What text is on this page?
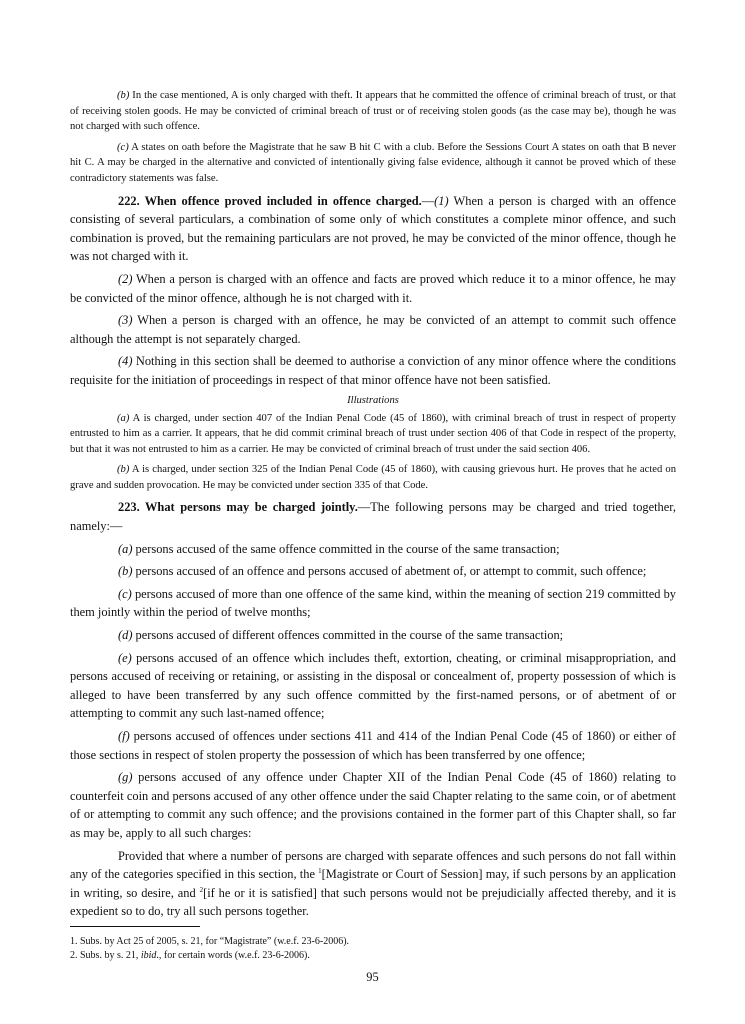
(b) In the case mentioned, A is only charged with theft. It appears that he committed the offence of criminal breach of trust, or that of receiving stolen goods. He may be convicted of criminal breach of trust or of receiving stolen goods (as the case may be), though he was not charged with such offence.

(c) A states on oath before the Magistrate that he saw B hit C with a club. Before the Sessions Court A states on oath that B never hit C. A may be charged in the alternative and convicted of intentionally giving false evidence, although it cannot be proved which of these contradictory statements was false.

222. When offence proved included in offence charged.—(1) When a person is charged with an offence consisting of several particulars, a combination of some only of which constitutes a complete minor offence, and such combination is proved, but the remaining particulars are not proved, he may be convicted of the minor offence, though he was not charged with it.

(2) When a person is charged with an offence and facts are proved which reduce it to a minor offence, he may be convicted of the minor offence, although he is not charged with it.

(3) When a person is charged with an offence, he may be convicted of an attempt to commit such offence although the attempt is not separately charged.

(4) Nothing in this section shall be deemed to authorise a conviction of any minor offence where the conditions requisite for the initiation of proceedings in respect of that minor offence have not been satisfied.

Illustrations

(a) A is charged, under section 407 of the Indian Penal Code (45 of 1860), with criminal breach of trust in respect of property entrusted to him as a carrier. It appears, that he did commit criminal breach of trust under section 406 of that Code in respect of the property, but that it was not entrusted to him as a carrier. He may be convicted of criminal breach of trust under the said section 406.

(b) A is charged, under section 325 of the Indian Penal Code (45 of 1860), with causing grievous hurt. He proves that he acted on grave and sudden provocation. He may be convicted under section 335 of that Code.

223. What persons may be charged jointly.—The following persons may be charged and tried together, namely:—

(a) persons accused of the same offence committed in the course of the same transaction;

(b) persons accused of an offence and persons accused of abetment of, or attempt to commit, such offence;

(c) persons accused of more than one offence of the same kind, within the meaning of section 219 committed by them jointly within the period of twelve months;

(d) persons accused of different offences committed in the course of the same transaction;

(e) persons accused of an offence which includes theft, extortion, cheating, or criminal misappropriation, and persons accused of receiving or retaining, or assisting in the disposal or concealment of, property possession of which is alleged to have been transferred by any such offence committed by the first-named persons, or of abetment of or attempting to commit any such last-named offence;

(f) persons accused of offences under sections 411 and 414 of the Indian Penal Code (45 of 1860) or either of those sections in respect of stolen property the possession of which has been transferred by one offence;

(g) persons accused of any offence under Chapter XII of the Indian Penal Code (45 of 1860) relating to counterfeit coin and persons accused of any other offence under the said Chapter relating to the same coin, or of abetment of or attempting to commit any such offence; and the provisions contained in the former part of this Chapter shall, so far as may be, apply to all such charges:

Provided that where a number of persons are charged with separate offences and such persons do not fall within any of the categories specified in this section, the $^1$[Magistrate or Court of Session] may, if such persons by an application in writing, so desire, and $^2$[if he or it is satisfied] that such persons would not be prejudicially affected thereby, and it is expedient so to do, try all such persons together.

1. Subs. by Act 25 of 2005, s. 21, for “Magistrate” (w.e.f. 23-6-2006).
2. Subs. by s. 21, ibid., for certain words (w.e.f. 23-6-2006).
95
